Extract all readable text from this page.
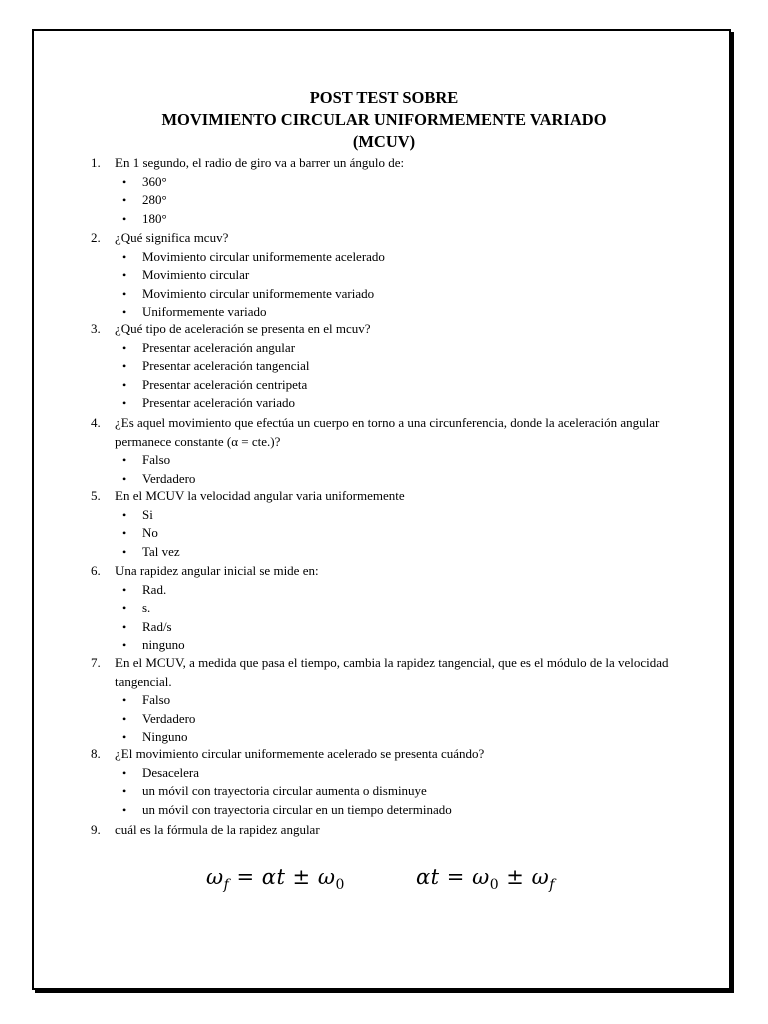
POST TEST SOBRE
MOVIMIENTO CIRCULAR UNIFORMEMENTE VARIADO
(MCUV)
1.	En 1 segundo, el radio de giro va a barrer un ángulo de:
• 360°
• 280°
• 180°
2.	¿Qué significa mcuv?
• Movimiento circular uniformemente acelerado
• Movimiento circular
• Movimiento circular uniformemente variado
• Uniformemente variado
3.	¿Qué tipo de aceleración se presenta en el mcuv?
• Presentar aceleración angular
• Presentar aceleración tangencial
• Presentar aceleración centripeta
• Presentar aceleración variado
4.	¿Es aquel movimiento que efectúa un cuerpo en torno a una circunferencia, donde la aceleración angular permanece constante (α = cte.)?
• Falso
• Verdadero
5.	En el MCUV la velocidad angular varia uniformemente
• Si
• No
• Tal vez
6.	Una rapidez angular inicial se mide en:
• Rad.
• s.
• Rad/s
• ninguno
7.	En el MCUV, a medida que pasa el tiempo, cambia la rapidez tangencial, que es el módulo de la velocidad tangencial.
• Falso
• Verdadero
• Ninguno
8.	¿El movimiento circular uniformemente acelerado se presenta cuándo?
• Desacelera
• un móvil con trayectoria circular aumenta o disminuye
• un móvil con trayectoria circular en un tiempo determinado
9.	cuál es la fórmula de la rapidez angular
$\omega_f = \alpha t \pm \omega_0$	$\alpha t = \omega_0 \pm \omega_f$
